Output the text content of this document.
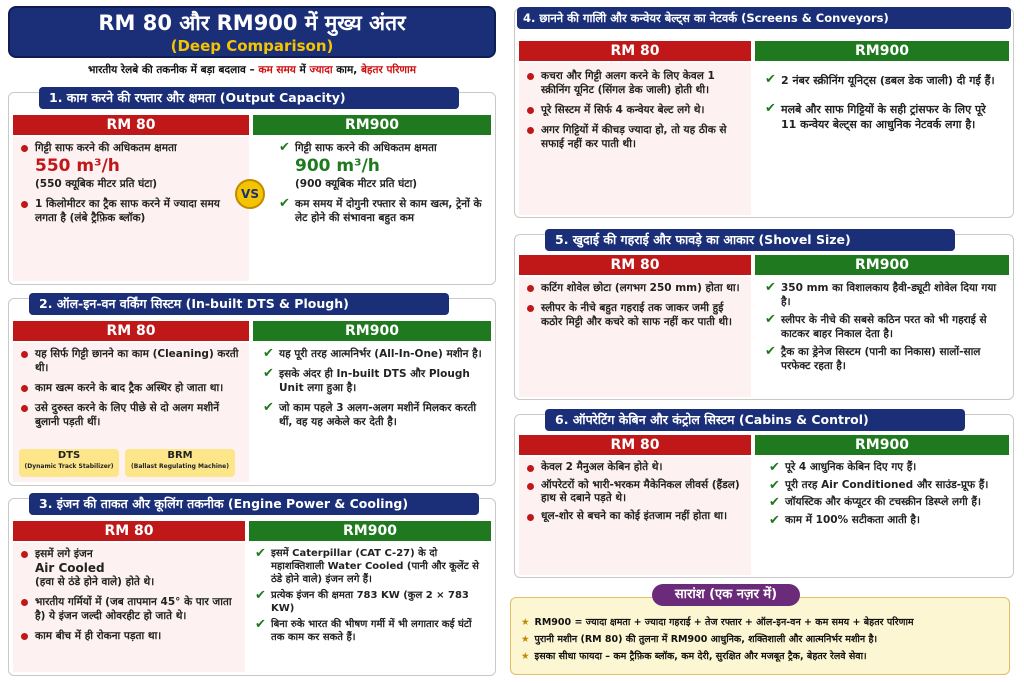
RM 80 और RM900 में मुख्य अंतर
(Deep Comparison)
भारतीय रेलबे की तकनीक में बड़ा बदलाव – कम समय में ज्यादा काम, बेहतर परिणाम
1. काम करने की रफ्तार और क्षमता (Output Capacity)
RM 80	RM900
गिट्टी साफ करने की अधिकतम क्षमता
550 m³/h
(550 क्यूबिक मीटर प्रति घंटा)
1 किलोमीटर का ट्रैक साफ करने में ज्यादा समय लगता है (लंबे ट्रैफ़िक ब्लॉक)
✔ गिट्टी साफ करने की अधिकतम क्षमता
900 m³/h
(900 क्यूबिक मीटर प्रति घंटा)
✔ कम समय में दोगुनी रफ्तार से काम खत्म, ट्रेनों के लेट होने की संभावना बहुत कम
VS
2. ऑल-इन-वन वर्किंग सिस्टम (In-built DTS & Plough)
RM 80	RM900
यह सिर्फ गिट्टी छानने का काम (Cleaning) करती थी।
काम खत्म करने के बाद ट्रैक अस्थिर हो जाता था।
उसे दुरुस्त करने के लिए पीछे से दो अलग मशीनें बुलानी पड़ती थीं।
DTS
(Dynamic Track Stabilizer)
BRM
(Ballast Regulating Machine)
✔ यह पूरी तरह आत्मनिर्भर (All-In-One) मशीन है।
✔ इसके अंदर ही In-built DTS और Plough Unit लगा हुआ है।
✔ जो काम पहले 3 अलग-अलग मशीनें मिलकर करती थीं, वह यह अकेले कर देती है।
3. इंजन की ताकत और कूलिंग तकनीक (Engine Power & Cooling)
RM 80	RM900
इसमें लगे इंजन
Air Cooled
(हवा से ठंडे होने वाले) होते थे।
भारतीय गर्मियों में (जब तापमान 45° के पार जाता है) ये इंजन जल्दी ओवरहीट हो जाते थे।
काम बीच में ही रोकना पड़ता था।
✔ इसमें Caterpillar (CAT C-27) के दो महाशक्तिशाली Water Cooled (पानी और कूलेंट से ठंडे होने वाले) इंजन लगे हैं।
✔ प्रत्येक इंजन की क्षमता 783 KW (कुल 2 × 783 KW)
✔ बिना रुके भारत की भीषण गर्मी में भी लगातार कई घंटों तक काम कर सकते हैं।
4. छानने की गालिी और कन्वेयर बेल्ट्स का नेटवर्क (Screens & Conveyors)
RM 80	RM900
कचरा और गिट्टी अलग करने के लिए केवल 1 स्क्रीनिंग यूनिट (सिंगल डेक जाली) होती थी।
पूरे सिस्टम में सिर्फ 4 कन्वेयर बेल्ट लगे थे।
अगर गिट्टियों में कीचड़ ज्यादा हो, तो यह ठीक से सफाई नहीं कर पाती थी।
✔ 2 नंबर स्क्रीनिंग यूनिट्स (डबल डेक जाली) दी गई हैं।
✔ मलबे और साफ गिट्टियों के सही ट्रांसफर के लिए पूरे 11 कन्वेयर बेल्ट्स का आधुनिक नेटवर्क लगा है।
5. खुदाई की गहराई और फावड़े का आकार (Shovel Size)
RM 80	RM900
कटिंग शोवेल छोटा (लगभग 250 mm) होता था।
स्लीपर के नीचे बहुत गहराई तक जाकर जमी हुई कठोर मिट्टी और कचरे को साफ नहीं कर पाती थी।
✔ 350 mm का विशालकाय हैवी-ड्यूटी शोवेल दिया गया है।
✔ स्लीपर के नीचे की सबसे कठिन परत को भी गहराई से काटकर बाहर निकाल देता है।
✔ ट्रैक का ड्रेनेज सिस्टम (पानी का निकास) सालों-साल परफेक्ट रहता है।
6. ऑपरेटिंग केबिन और कंट्रोल सिस्टम (Cabins & Control)
RM 80	RM900
केवल 2 मैनुअल केबिन होते थे।
ऑपरेटरों को भारी-भरकम मैकेनिकल लीवर्स (हैंडल) हाथ से दबाने पड़ते थे।
धूल-शोर से बचने का कोई इंतजाम नहीं होता था।
✔ पूरे 4 आधुनिक केबिन दिए गए हैं।
✔ पूरी तरह Air Conditioned और साउंड-प्रूफ हैं।
✔ जॉयस्टिक और कंप्यूटर की टचस्क्रीन डिस्प्ले लगी हैं।
✔ काम में 100% सटीकता आती है।
★ RM900 = ज्यादा क्षमता + ज्यादा गहराई + तेज रफ्तार + ऑल-इन-वन + कम समय + बेहतर परिणाम
★ पुरानी मशीन (RM 80) की तुलना में RM900 आधुनिक, शक्तिशाली और आत्मनिर्भर मशीन है।
★ इसका सीधा फायदा – कम ट्रैफ़िक ब्लॉक, कम देरी, सुरक्षित और मजबूत ट्रैक, बेहतर रेलवे सेवा।
सारांश (एक नज़र में)
